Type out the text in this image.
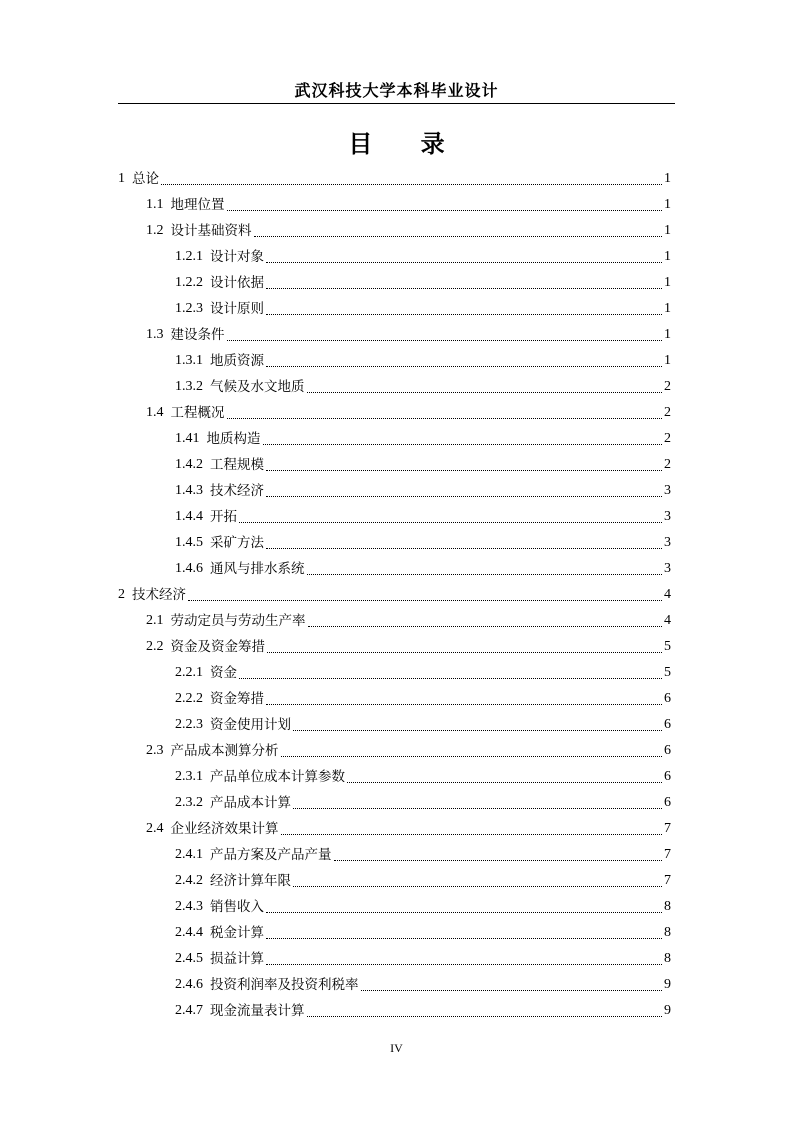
武汉科技大学本科毕业设计
目 录
1 总论	1
1.1 地理位置	1
1.2 设计基础资料	1
1.2.1 设计对象	1
1.2.2 设计依据	1
1.2.3 设计原则	1
1.3 建设条件	1
1.3.1 地质资源	1
1.3.2 气候及水文地质	2
1.4 工程概况	2
1.41 地质构造	2
1.4.2 工程规模	2
1.4.3 技术经济	3
1.4.4 开拓	3
1.4.5 采矿方法	3
1.4.6 通风与排水系统	3
2 技术经济	4
2.1 劳动定员与劳动生产率	4
2.2 资金及资金筹措	5
2.2.1 资金	5
2.2.2 资金筹措	6
2.2.3 资金使用计划	6
2.3 产品成本测算分析	6
2.3.1 产品单位成本计算参数	6
2.3.2 产品成本计算	6
2.4 企业经济效果计算	7
2.4.1 产品方案及产品产量	7
2.4.2 经济计算年限	7
2.4.3 销售收入	8
2.4.4 税金计算	8
2.4.5 损益计算	8
2.4.6 投资利润率及投资利税率	9
2.4.7 现金流量表计算	9
IV
